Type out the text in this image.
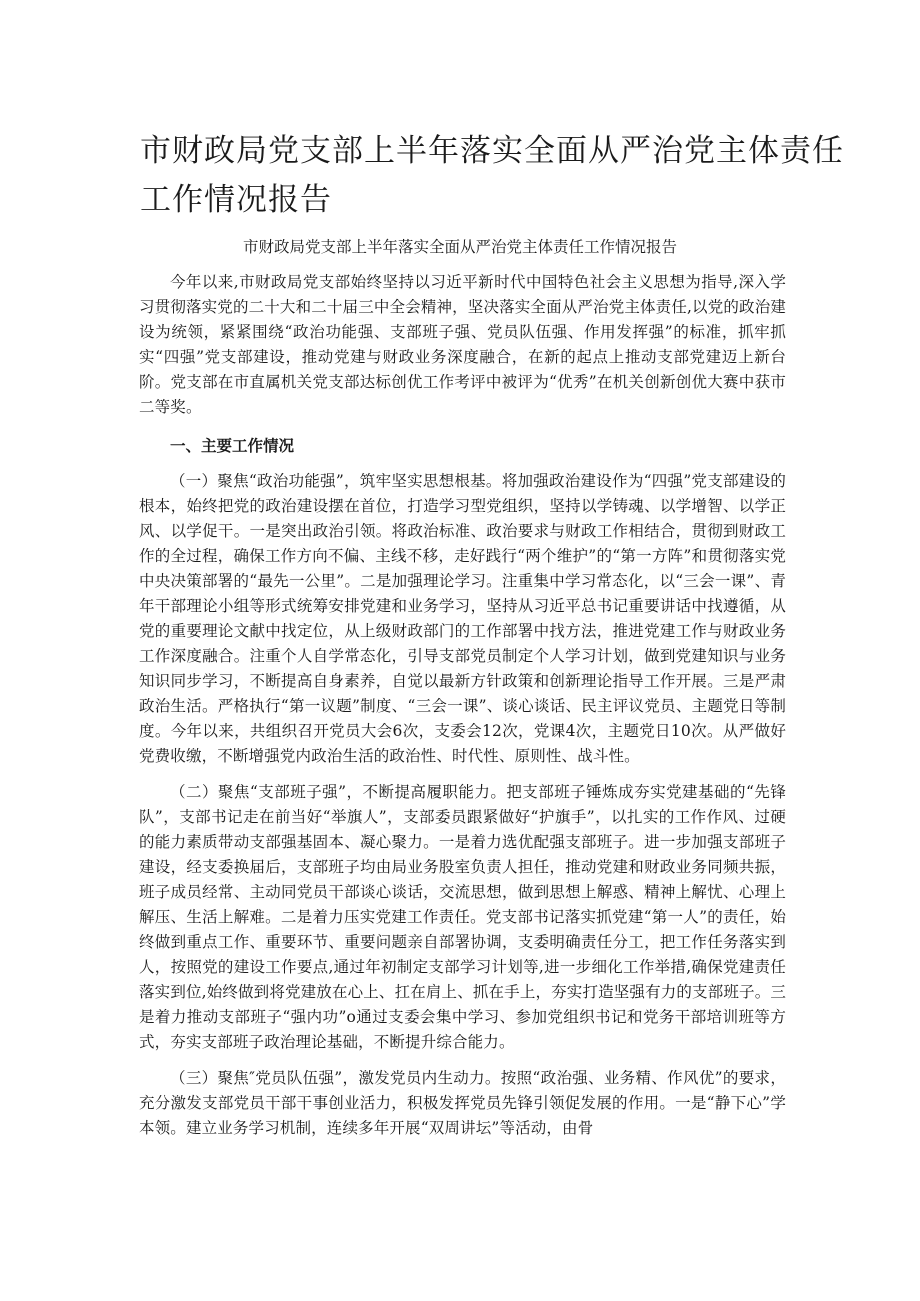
市财政局党支部上半年落实全面从严治党主体责任
工作情况报告

市财政局党支部上半年落实全面从严治党主体责任工作情况报告

今年以来,市财政局党支部始终坚持以习近平新时代中国特色社会主义思想为指导,深入学习贯彻落实党的二十大和二十届三中全会精神，坚决落实全面从严治党主体责任,以党的政治建设为统领，紧紧围绕“政治功能强、支部班子强、党员队伍强、作用发挥强”的标准，抓牢抓实“四强”党支部建设，推动党建与财政业务深度融合，在新的起点上推动支部党建迈上新台阶。党支部在市直属机关党支部达标创优工作考评中被评为“优秀”在机关创新创优大赛中获市二等奖。

一、主要工作情况

（一）聚焦“政治功能强”，筑牢坚实思想根基。将加强政治建设作为“四强”党支部建设的根本，始终把党的政治建设摆在首位，打造学习型党组织，坚持以学铸魂、以学增智、以学正风、以学促干。一是突出政治引领。将政治标准、政治要求与财政工作相结合，贯彻到财政工作的全过程，确保工作方向不偏、主线不移，走好践行“两个维护”的“第一方阵”和贯彻落实党中央决策部署的“最先一公里”。二是加强理论学习。注重集中学习常态化，以“三会一课”、青年干部理论小组等形式统筹安排党建和业务学习，坚持从习近平总书记重要讲话中找遵循，从党的重要理论文献中找定位，从上级财政部门的工作部署中找方法，推进党建工作与财政业务工作深度融合。注重个人自学常态化，引导支部党员制定个人学习计划，做到党建知识与业务知识同步学习，不断提高自身素养，自觉以最新方针政策和创新理论指导工作开展。三是严肃政治生活。严格执行“第一议题”制度、“三会一课”、谈心谈话、民主评议党员、主题党日等制度。今年以来，共组织召开党员大会6次，支委会12次，党课4次，主题党日10次。从严做好党费收缴，不断增强党内政治生活的政治性、时代性、原则性、战斗性。

（二）聚焦“支部班子强”，不断提高履职能力。把支部班子锤炼成夯实党建基础的“先锋队”，支部书记走在前当好“举旗人”，支部委员跟紧做好“护旗手”，以扎实的工作作风、过硬的能力素质带动支部强基固本、凝心聚力。一是着力选优配强支部班子。进一步加强支部班子建设，经支委换届后，支部班子均由局业务股室负责人担任，推动党建和财政业务同频共振，班子成员经常、主动同党员干部谈心谈话，交流思想，做到思想上解惑、精神上解忧、心理上解压、生活上解难。二是着力压实党建工作责任。党支部书记落实抓党建“第一人”的责任，始终做到重点工作、重要环节、重要问题亲自部署协调，支委明确责任分工，把工作任务落实到人，按照党的建设工作要点,通过年初制定支部学习计划等,进一步细化工作举措,确保党建责任落实到位,始终做到将党建放在心上、扛在肩上、抓在手上，夯实打造坚强有力的支部班子。三是着力推动支部班子“强内功”o通过支委会集中学习、参加党组织书记和党务干部培训班等方式，夯实支部班子政治理论基础，不断提升综合能力。

（三）聚焦″党员队伍强”，激发党员内生动力。按照“政治强、业务精、作风优”的要求，充分激发支部党员干部干事创业活力，积极发挥党员先锋引领促发展的作用。一是“静下心”学本领。建立业务学习机制，连续多年开展“双周讲坛”等活动，由骨
